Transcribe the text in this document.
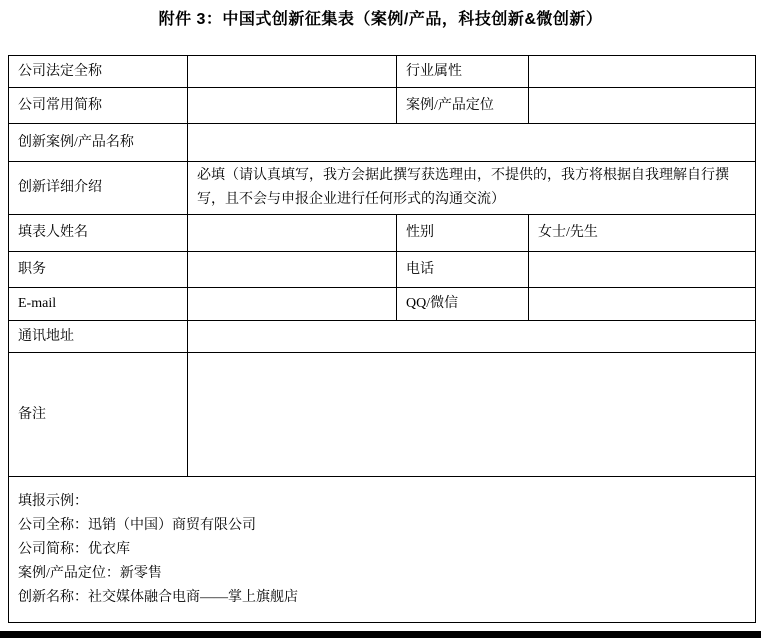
附件 3：中国式创新征集表（案例/产品，科技创新&微创新）
公司法定全称		行业属性	
公司常用简称		案例/产品定位	
创新案例/产品名称			
创新详细介绍	必填（请认真填写，我方会据此撰写获选理由，不提供的，我方将根据自我理解自行撰写，且不会与申报企业进行任何形式的沟通交流）		
填表人姓名		性别	女士/先生
职务		电话	
E-mail		QQ/微信	
通讯地址			
备注			

填报示例：
公司全称：迅销（中国）商贸有限公司
公司简称：优衣库
案例/产品定位：新零售
创新名称：社交媒体融合电商——掌上旗舰店			
